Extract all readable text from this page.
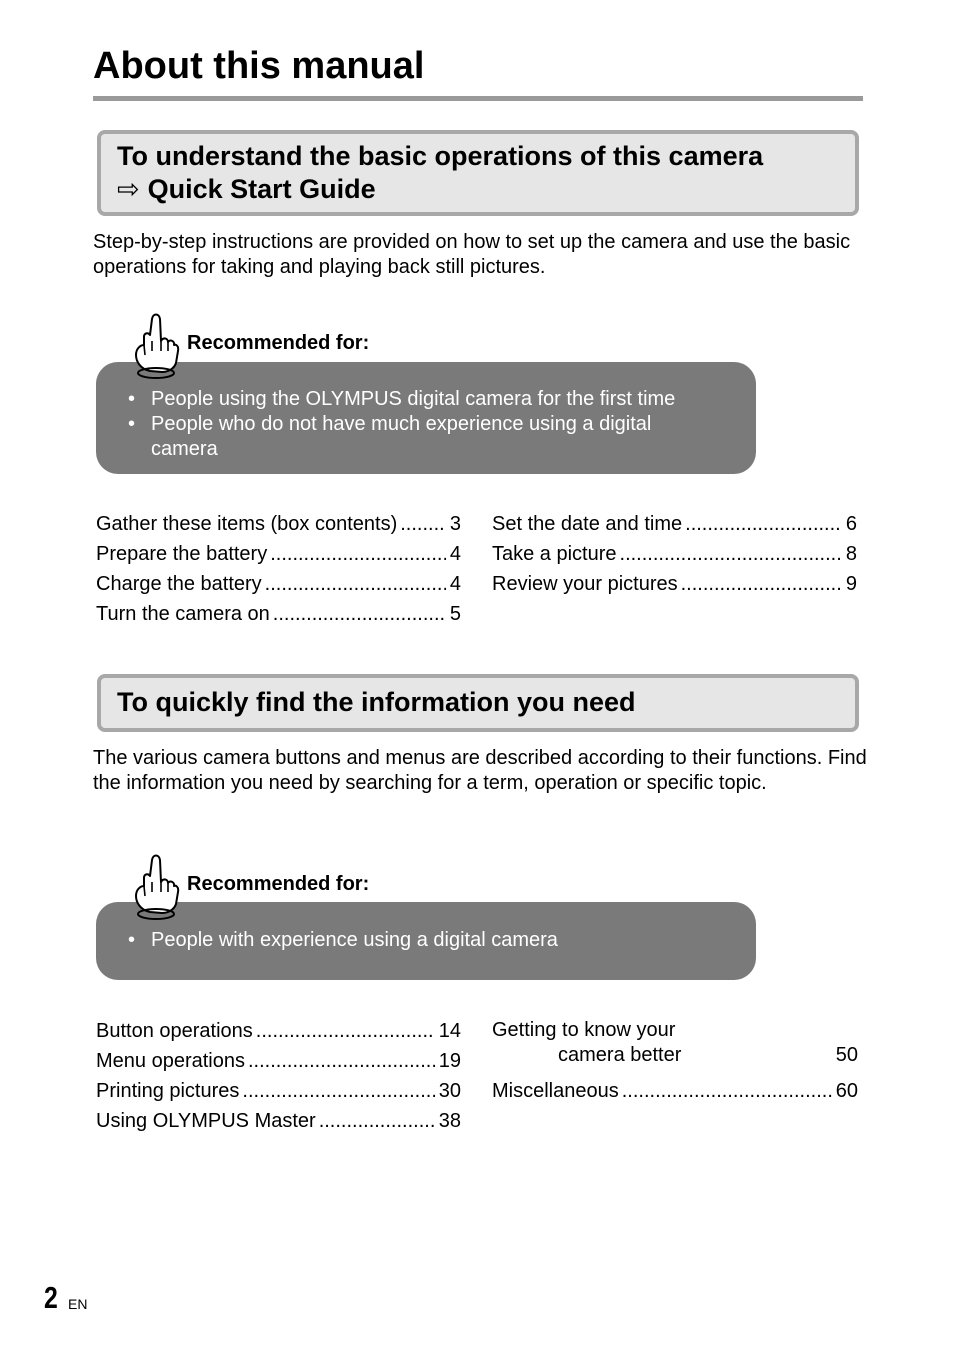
About this manual
To understand the basic operations of this camera
⇨ Quick Start Guide

Step-by-step instructions are provided on how to set up the camera and use the basic operations for taking and playing back still pictures.

• People using the OLYMPUS digital camera for the first time
• People who do not have much experience using a digital camera
Recommended for:
Gather these items (box contents) .....	3
Prepare the battery .....	4
Charge the battery .....	4
Turn the camera on .....	5
Set the date and time .....	6
Take a picture .....	8
Review your pictures .....	9
To quickly find the information you need

The various camera buttons and menus are described according to their functions. Find the information you need by searching for a term, operation or specific topic.

• People with experience using a digital camera
Recommended for:
Button operations .....	14
Menu operations .....	19
Printing pictures .....	30
Using OLYMPUS Master .....	38
Getting to know your
camera better	50
Miscellaneous .....	60
2 EN
